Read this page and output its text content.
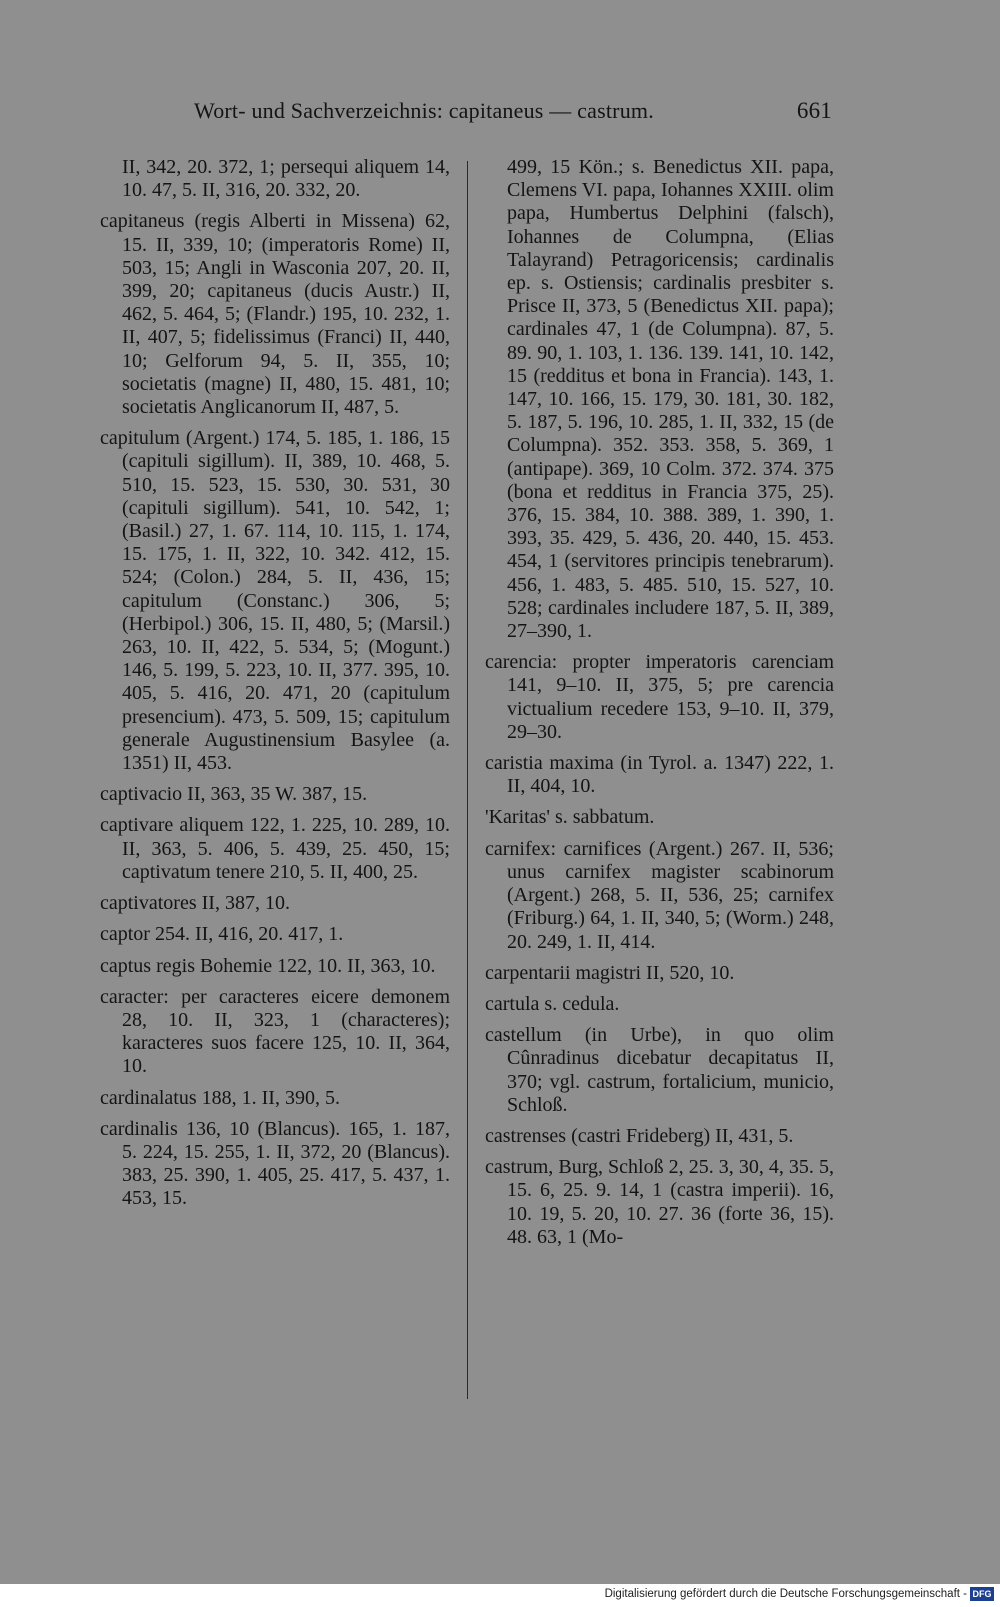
Wort- und Sachverzeichnis: capitaneus — castrum.	661

II, 342, 20. 372, 1; persequi aliquem 14, 10. 47, 5. II, 316, 20. 332, 20.

capitaneus (regis Alberti in Missena) 62, 15. II, 339, 10; (imperatoris Rome) II, 503, 15; Angli in Wasconia 207, 20. II, 399, 20; capitaneus (ducis Austr.) II, 462, 5. 464, 5; (Flandr.) 195, 10. 232, 1. II, 407, 5; fidelissimus (Franci) II, 440, 10; Gelforum 94, 5. II, 355, 10; societatis (magne) II, 480, 15. 481, 10; societatis Anglicanorum II, 487, 5.

capitulum (Argent.) 174, 5. 185, 1. 186, 15 (capituli sigillum). II, 389, 10. 468, 5. 510, 15. 523, 15. 530, 30. 531, 30 (capituli sigillum). 541, 10. 542, 1; (Basil.) 27, 1. 67. 114, 10. 115, 1. 174, 15. 175, 1. II, 322, 10. 342. 412, 15. 524; (Colon.) 284, 5. II, 436, 15; capitulum (Constanc.) 306, 5; (Herbipol.) 306, 15. II, 480, 5; (Marsil.) 263, 10. II, 422, 5. 534, 5; (Mogunt.) 146, 5. 199, 5. 223, 10. II, 377. 395, 10. 405, 5. 416, 20. 471, 20 (capitulum presencium). 473, 5. 509, 15; capitulum generale Augustinensium Basylee (a. 1351) II, 453.

captivacio II, 363, 35 W. 387, 15.

captivare aliquem 122, 1. 225, 10. 289, 10. II, 363, 5. 406, 5. 439, 25. 450, 15; captivatum tenere 210, 5. II, 400, 25.

captivatores II, 387, 10.

captor 254. II, 416, 20. 417, 1.

captus regis Bohemie 122, 10. II, 363, 10.

caracter: per caracteres eicere demonem 28, 10. II, 323, 1 (characteres); karacteres suos facere 125, 10. II, 364, 10.

cardinalatus 188, 1. II, 390, 5.

cardinalis 136, 10 (Blancus). 165, 1. 187, 5. 224, 15. 255, 1. II, 372, 20 (Blancus). 383, 25. 390, 1. 405, 25. 417, 5. 437, 1. 453, 15.

499, 15 Kön.; s. Benedictus XII. papa, Clemens VI. papa, Iohannes XXIII. olim papa, Humbertus Delphini (falsch), Iohannes de Columpna, (Elias Talayrand) Petragoricensis; cardinalis ep. s. Ostiensis; cardinalis presbiter s. Prisce II, 373, 5 (Benedictus XII. papa); cardinales 47, 1 (de Columpna). 87, 5. 89. 90, 1. 103, 1. 136. 139. 141, 10. 142, 15 (redditus et bona in Francia). 143, 1. 147, 10. 166, 15. 179, 30. 181, 30. 182, 5. 187, 5. 196, 10. 285, 1. II, 332, 15 (de Columpna). 352. 353. 358, 5. 369, 1 (antipape). 369, 10 Colm. 372. 374. 375 (bona et redditus in Francia 375, 25). 376, 15. 384, 10. 388. 389, 1. 390, 1. 393, 35. 429, 5. 436, 20. 440, 15. 453. 454, 1 (servitores principis tenebrarum). 456, 1. 483, 5. 485. 510, 15. 527, 10. 528; cardinales includere 187, 5. II, 389, 27–390, 1.

carencia: propter imperatoris carenciam 141, 9–10. II, 375, 5; pre carencia victualium recedere 153, 9–10. II, 379, 29–30.

caristia maxima (in Tyrol. a. 1347) 222, 1. II, 404, 10.

'Karitas' s. sabbatum.

carnifex: carnifices (Argent.) 267. II, 536; unus carnifex magister scabinorum (Argent.) 268, 5. II, 536, 25; carnifex (Friburg.) 64, 1. II, 340, 5; (Worm.) 248, 20. 249, 1. II, 414.

carpentarii magistri II, 520, 10.

cartula s. cedula.

castellum (in Urbe), in quo olim Cûnradinus dicebatur decapitatus II, 370; vgl. castrum, fortalicium, municio, Schloß.

castrenses (castri Frideberg) II, 431, 5.

castrum, Burg, Schloß 2, 25. 3, 30, 4, 35. 5, 15. 6, 25. 9. 14, 1 (castra imperii). 16, 10. 19, 5. 20, 10. 27. 36 (forte 36, 15). 48. 63, 1 (Mo-

Digitalisierung gefördert durch die Deutsche Forschungsgemeinschaft - DFG
